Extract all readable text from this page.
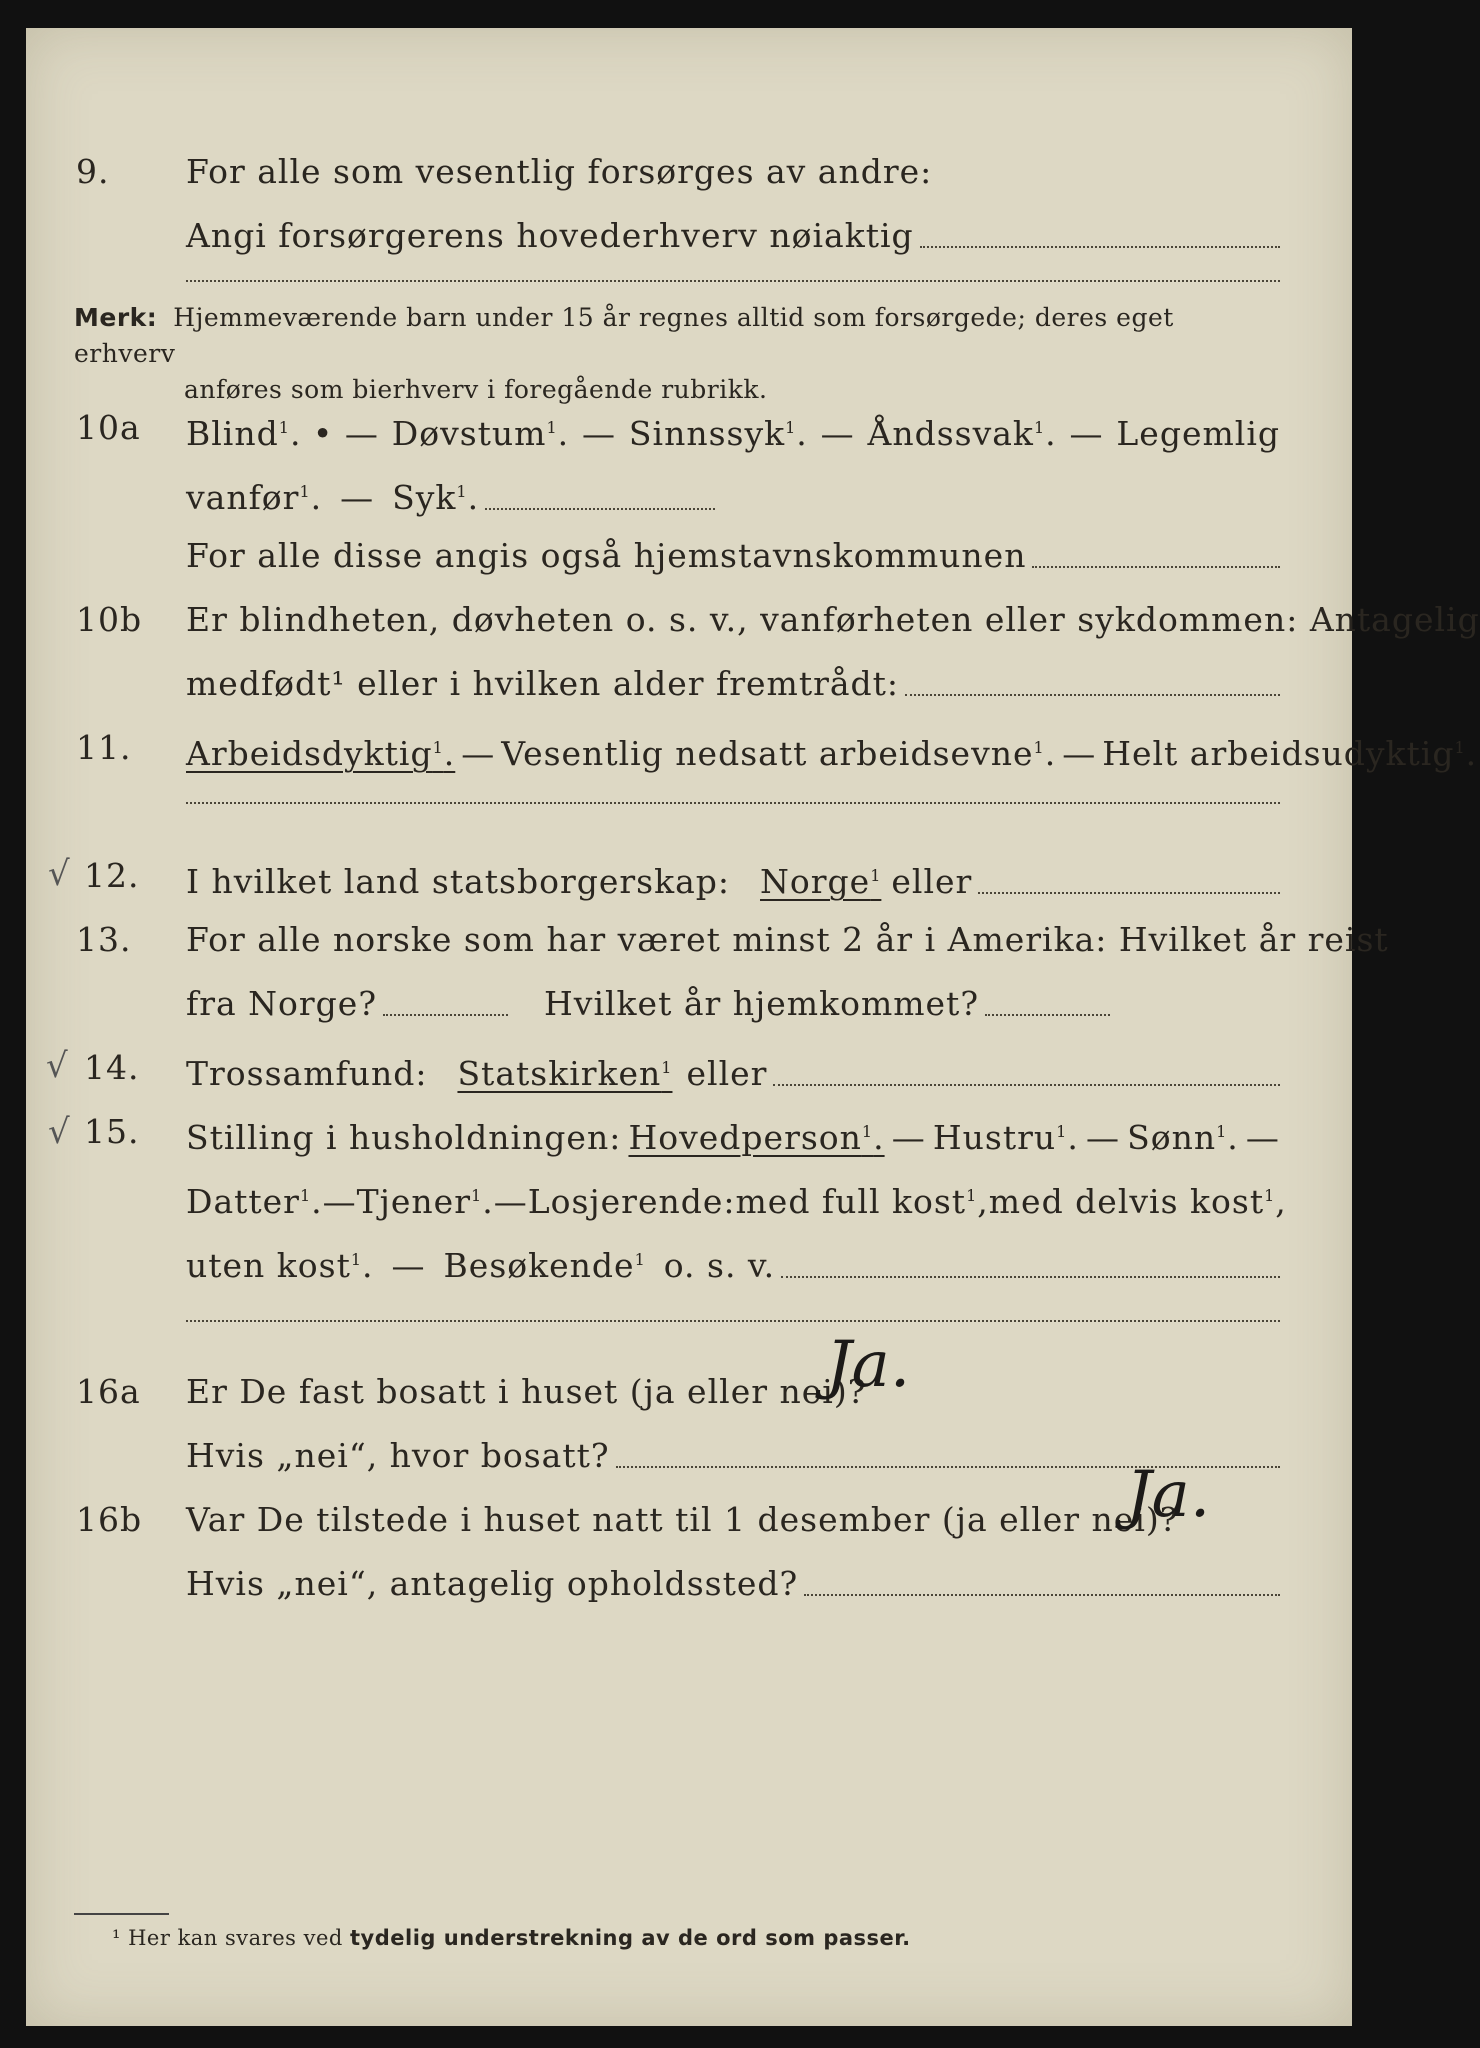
9.	For alle som vesentlig forsørges av andre:
Angi forsørgerens hovederhverv nøiaktig
Merk: Hjemmeværende barn under 15 år regnes alltid som forsørgede; deres eget erhverv
anføres som bierhverv i foregående rubrikk.
10a	Blind$^1$. • — Døvstum$^1$. — Sinnssyk$^1$. — Åndssvak$^1$. — Legemlig
vanfør$^1$. — Syk$^1$.
For alle disse angis også hjemstavnskommunen
10b	Er blindheten, døvheten o. s. v., vanførheten eller sykdommen: Antagelig
medfødt¹ eller i hvilken alder fremtrådt:
11.	Arbeidsdyktig$^1$. — Vesentlig nedsatt arbeidsevne$^1$. — Helt arbeidsudyktig$^1$.
√ 12.	I hvilket land statsborgerskap: Norge$^1$ eller
13.	For alle norske som har været minst 2 år i Amerika: Hvilket år reist
fra Norge?	Hvilket år hjemkommet?
√ 14.	Trossamfund: Statskirken$^1$ eller
√ 15.	Stilling i husholdningen: Hovedperson$^1$. — Hustru$^1$. — Sønn$^1$. —
Datter$^1$. — Tjener$^1$. — Losjerende: med full kost$^1$, med delvis kost$^1$,
uten kost$^1$. — Besøkende$^1$ o. s. v.
16a	Er De fast bosatt i huset (ja eller nei)?
Ja.
Hvis „nei“, hvor bosatt?
16b	Var De tilstede i huset natt til 1 desember (ja eller nei)?
Ja.
Hvis „nei“, antagelig opholdssted?
¹ Her kan svares ved tydelig understrekning av de ord som passer.
